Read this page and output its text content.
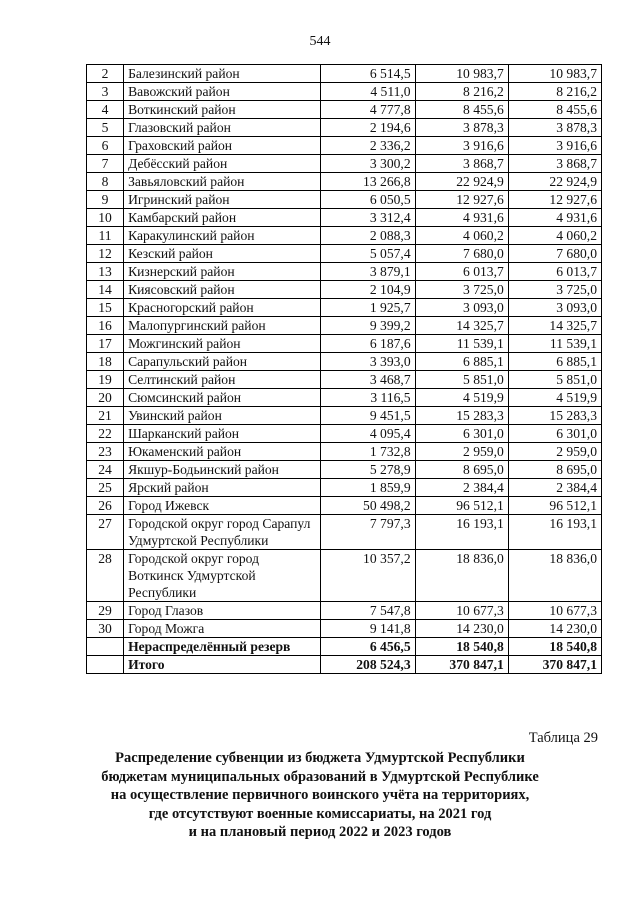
544
2	Балезинский район	6 514,5	10 983,7	10 983,7
3	Вавожский район	4 511,0	8 216,2	8 216,2
4	Воткинский район	4 777,8	8 455,6	8 455,6
5	Глазовский район	2 194,6	3 878,3	3 878,3
6	Граховский район	2 336,2	3 916,6	3 916,6
7	Дебёсский район	3 300,2	3 868,7	3 868,7
8	Завьяловский район	13 266,8	22 924,9	22 924,9
9	Игринский район	6 050,5	12 927,6	12 927,6
10	Камбарский район	3 312,4	4 931,6	4 931,6
11	Каракулинский район	2 088,3	4 060,2	4 060,2
12	Кезский район	5 057,4	7 680,0	7 680,0
13	Кизнерский район	3 879,1	6 013,7	6 013,7
14	Киясовский район	2 104,9	3 725,0	3 725,0
15	Красногорский район	1 925,7	3 093,0	3 093,0
16	Малопургинский район	9 399,2	14 325,7	14 325,7
17	Можгинский район	6 187,6	11 539,1	11 539,1
18	Сарапульский район	3 393,0	6 885,1	6 885,1
19	Селтинский район	3 468,7	5 851,0	5 851,0
20	Сюмсинский район	3 116,5	4 519,9	4 519,9
21	Увинский район	9 451,5	15 283,3	15 283,3
22	Шарканский район	4 095,4	6 301,0	6 301,0
23	Юкаменский район	1 732,8	2 959,0	2 959,0
24	Якшур-Бодьинский район	5 278,9	8 695,0	8 695,0
25	Ярский район	1 859,9	2 384,4	2 384,4
26	Город Ижевск	50 498,2	96 512,1	96 512,1
27	Городской округ город Сарапул Удмуртской Республики	7 797,3	16 193,1	16 193,1
28	Городской округ город Воткинск Удмуртской Республики	10 357,2	18 836,0	18 836,0
29	Город Глазов	7 547,8	10 677,3	10 677,3
30	Город Можга	9 141,8	14 230,0	14 230,0
	Нераспределённый резерв	6 456,5	18 540,8	18 540,8
	Итого	208 524,3	370 847,1	370 847,1
Таблица 29
Распределение субвенции из бюджета Удмуртской Республики
бюджетам муниципальных образований в Удмуртской Республике
на осуществление первичного воинского учёта на территориях,
где отсутствуют военные комиссариаты, на 2021 год
и на плановый период 2022 и 2023 годов
